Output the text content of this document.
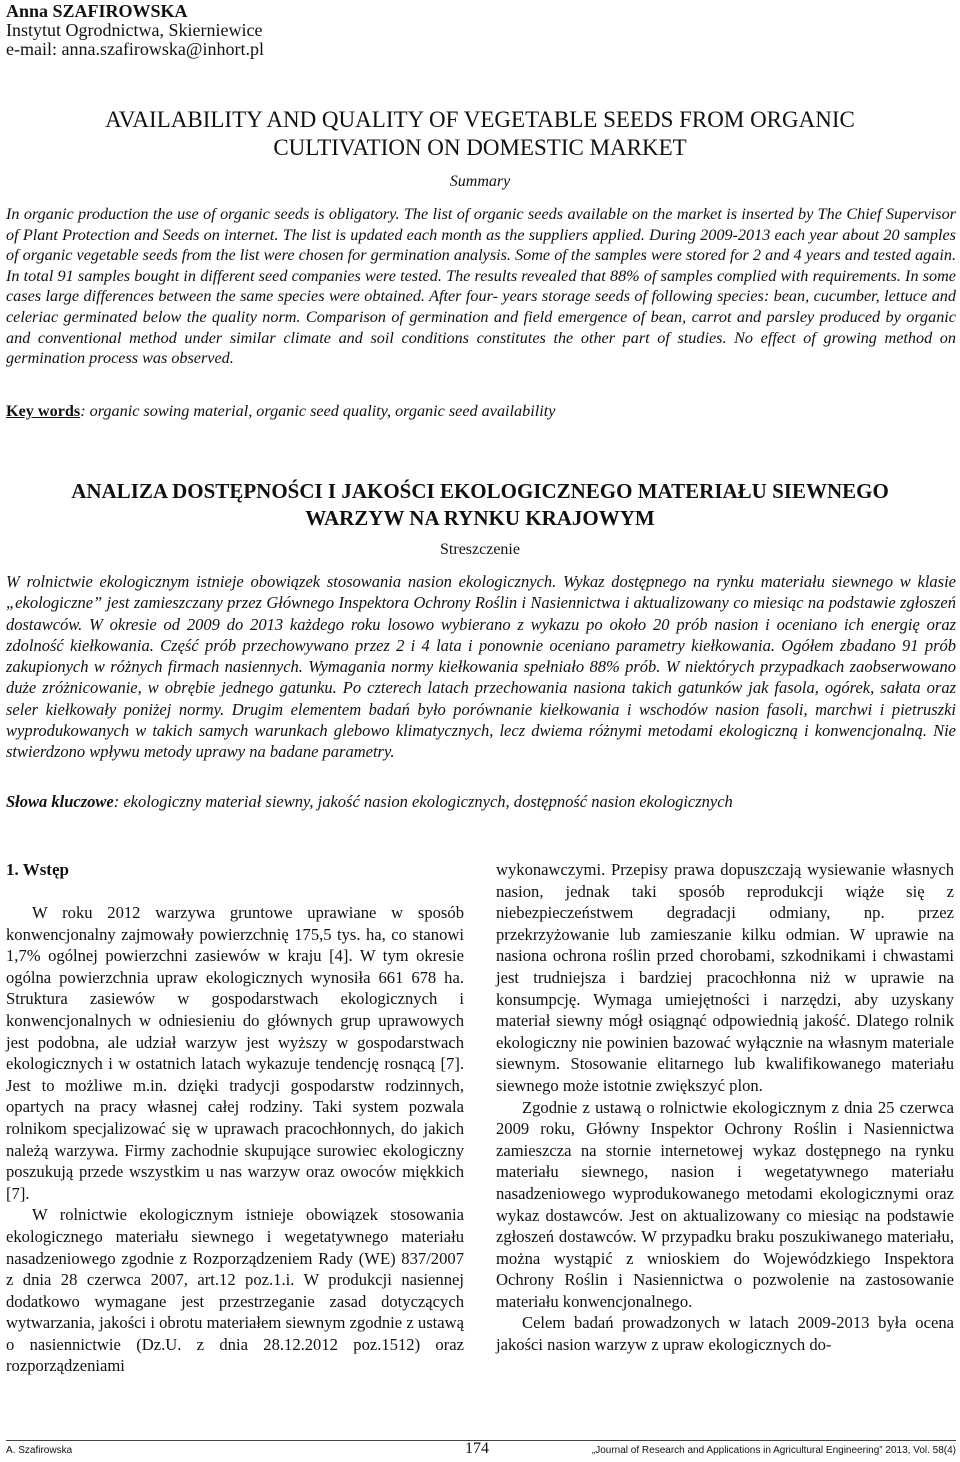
Anna SZAFIROWSKA
Instytut Ogrodnictwa, Skierniewice
e-mail: anna.szafirowska@inhort.pl
AVAILABILITY AND QUALITY OF VEGETABLE SEEDS FROM ORGANIC
CULTIVATION ON DOMESTIC MARKET
Summary
In organic production the use of organic seeds is obligatory. The list of organic seeds available on the market is inserted by The Chief Supervisor of Plant Protection and Seeds on internet. The list is updated each month as the suppliers applied. During 2009-2013 each year about 20 samples of organic vegetable seeds from the list were chosen for germination analysis. Some of the samples were stored for 2 and 4 years and tested again. In total 91 samples bought in different seed companies were tested. The results revealed that 88% of samples complied with requirements. In some cases large differences between the same species were obtained. After four- years storage seeds of following species: bean, cucumber, lettuce and celeriac germinated below the quality norm. Comparison of germination and field emergence of bean, carrot and parsley produced by organic and conventional method under similar climate and soil conditions constitutes the other part of studies. No effect of growing method on germination process was observed.
Key words: organic sowing material, organic seed quality, organic seed availability
ANALIZA DOSTĘPNOŚCI I JAKOŚCI EKOLOGICZNEGO MATERIAŁU SIEWNEGO
WARZYW NA RYNKU KRAJOWYM
Streszczenie
W rolnictwie ekologicznym istnieje obowiązek stosowania nasion ekologicznych. Wykaz dostępnego na rynku materiału siewnego w klasie „ekologiczne” jest zamieszczany przez Głównego Inspektora Ochrony Roślin i Nasiennictwa i aktualizowany co miesiąc na podstawie zgłoszeń dostawców. W okresie od 2009 do 2013 każdego roku losowo wybierano z wykazu po około 20 prób nasion i oceniano ich energię oraz zdolność kiełkowania. Część prób przechowywano przez 2 i 4 lata i ponownie oceniano parametry kiełkowania. Ogółem zbadano 91 prób zakupionych w różnych firmach nasiennych. Wymagania normy kiełkowania spełniało 88% prób. W niektórych przypadkach zaobserwowano duże zróżnicowanie, w obrębie jednego gatunku. Po czterech latach przechowania nasiona takich gatunków jak fasola, ogórek, sałata oraz seler kiełkowały poniżej normy. Drugim elementem badań było porównanie kiełkowania i wschodów nasion fasoli, marchwi i pietruszki wyprodukowanych w takich samych warunkach glebowo klimatycznych, lecz dwiema różnymi metodami ekologiczną i konwencjonalną. Nie stwierdzono wpływu metody uprawy na badane parametry.
Słowa kluczowe: ekologiczny materiał siewny, jakość nasion ekologicznych, dostępność nasion ekologicznych
1. Wstęp

W roku 2012 warzywa gruntowe uprawiane w sposób konwencjonalny zajmowały powierzchnię 175,5 tys. ha, co stanowi 1,7% ogólnej powierzchni zasiewów w kraju [4]. W tym okresie ogólna powierzchnia upraw ekologicznych wynosiła 661 678 ha. Struktura zasiewów w gospodarstwach ekologicznych i konwencjonalnych w odniesieniu do głównych grup uprawowych jest podobna, ale udział warzyw jest wyższy w gospodarstwach ekologicznych i w ostatnich latach wykazuje tendencję rosnącą [7]. Jest to możliwe m.in. dzięki tradycji gospodarstw rodzinnych, opartych na pracy własnej całej rodziny. Taki system pozwala rolnikom specjalizować się w uprawach pracochłonnych, do jakich należą warzywa. Firmy zachodnie skupujące surowiec ekologiczny poszukują przede wszystkim u nas warzyw oraz owoców miękkich [7].

W rolnictwie ekologicznym istnieje obowiązek stosowania ekologicznego materiału siewnego i wegetatywnego materiału nasadzeniowego zgodnie z Rozporządzeniem Rady (WE) 837/2007 z dnia 28 czerwca 2007, art.12 poz.1.i. W produkcji nasiennej dodatkowo wymagane jest przestrzeganie zasad dotyczących wytwarzania, jakości i obrotu materiałem siewnym zgodnie z ustawą o nasiennictwie (Dz.U. z dnia 28.12.2012 poz.1512) oraz rozporządzeniami

wykonawczymi. Przepisy prawa dopuszczają wysiewanie własnych nasion, jednak taki sposób reprodukcji wiąże się z niebezpieczeństwem degradacji odmiany, np. przez przekrzyżowanie lub zamieszanie kilku odmian. W uprawie na nasiona ochrona roślin przed chorobami, szkodnikami i chwastami jest trudniejsza i bardziej pracochłonna niż w uprawie na konsumpcję. Wymaga umiejętności i narzędzi, aby uzyskany materiał siewny mógł osiągnąć odpowiednią jakość. Dlatego rolnik ekologiczny nie powinien bazować wyłącznie na własnym materiale siewnym. Stosowanie elitarnego lub kwalifikowanego materiału siewnego może istotnie zwiększyć plon.

Zgodnie z ustawą o rolnictwie ekologicznym z dnia 25 czerwca 2009 roku, Główny Inspektor Ochrony Roślin i Nasiennictwa zamieszcza na stornie internetowej wykaz dostępnego na rynku materiału siewnego, nasion i wegetatywnego materiału nasadzeniowego wyprodukowanego metodami ekologicznymi oraz wykaz dostawców. Jest on aktualizowany co miesiąc na podstawie zgłoszeń dostawców. W przypadku braku poszukiwanego materiału, można wystąpić z wnioskiem do Wojewódzkiego Inspektora Ochrony Roślin i Nasiennictwa o pozwolenie na zastosowanie materiału konwencjonalnego.

Celem badań prowadzonych w latach 2009-2013 była ocena jakości nasion warzyw z upraw ekologicznych do-

A. Szafirowska	174	„Journal of Research and Applications in Agricultural Engineering” 2013, Vol. 58(4)
